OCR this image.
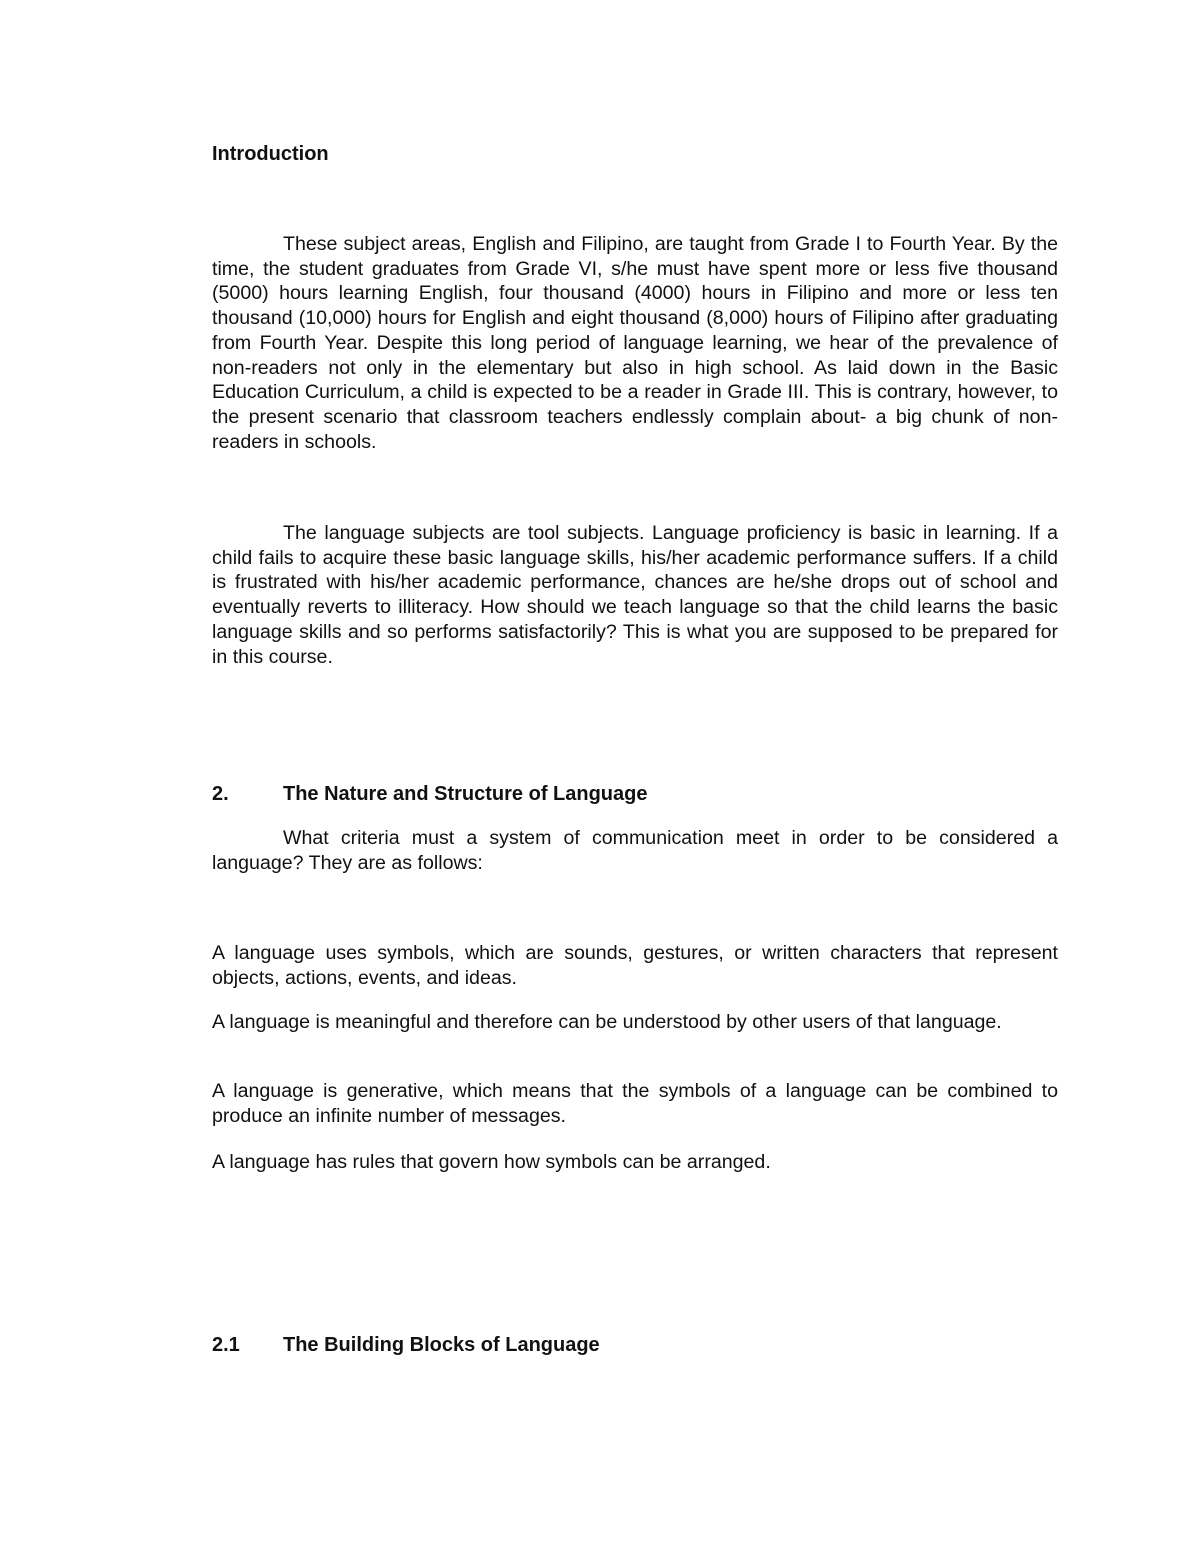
Introduction

These subject areas, English and Filipino, are taught from Grade I to Fourth Year. By the time, the student graduates from Grade VI, s/he must have spent more or less five thousand (5000) hours learning English, four thousand (4000) hours in Filipino and more or less ten thousand (10,000) hours for English and eight thousand (8,000) hours of Filipino after graduating from Fourth Year. Despite this long period of language learning, we hear of the prevalence of non-readers not only in the elementary but also in high school. As laid down in the Basic Education Curriculum, a child is expected to be a reader in Grade III. This is contrary, however, to the present scenario that classroom teachers endlessly complain about- a big chunk of non-readers in schools.

The language subjects are tool subjects. Language proficiency is basic in learning. If a child fails to acquire these basic language skills, his/her academic performance suffers. If a child is frustrated with his/her academic performance, chances are he/she drops out of school and eventually reverts to illiteracy. How should we teach language so that the child learns the basic language skills and so performs satisfactorily? This is what you are supposed to be prepared for in this course.

2.	The Nature and Structure of Language

What criteria must a system of communication meet in order to be considered a language? They are as follows:

A language uses symbols, which are sounds, gestures, or written characters that represent objects, actions, events, and ideas.

A language is meaningful and therefore can be understood by other users of that language.

A language is generative, which means that the symbols of a language can be combined to produce an infinite number of messages.

A language has rules that govern how symbols can be arranged.

2.1	The Building Blocks of Language
